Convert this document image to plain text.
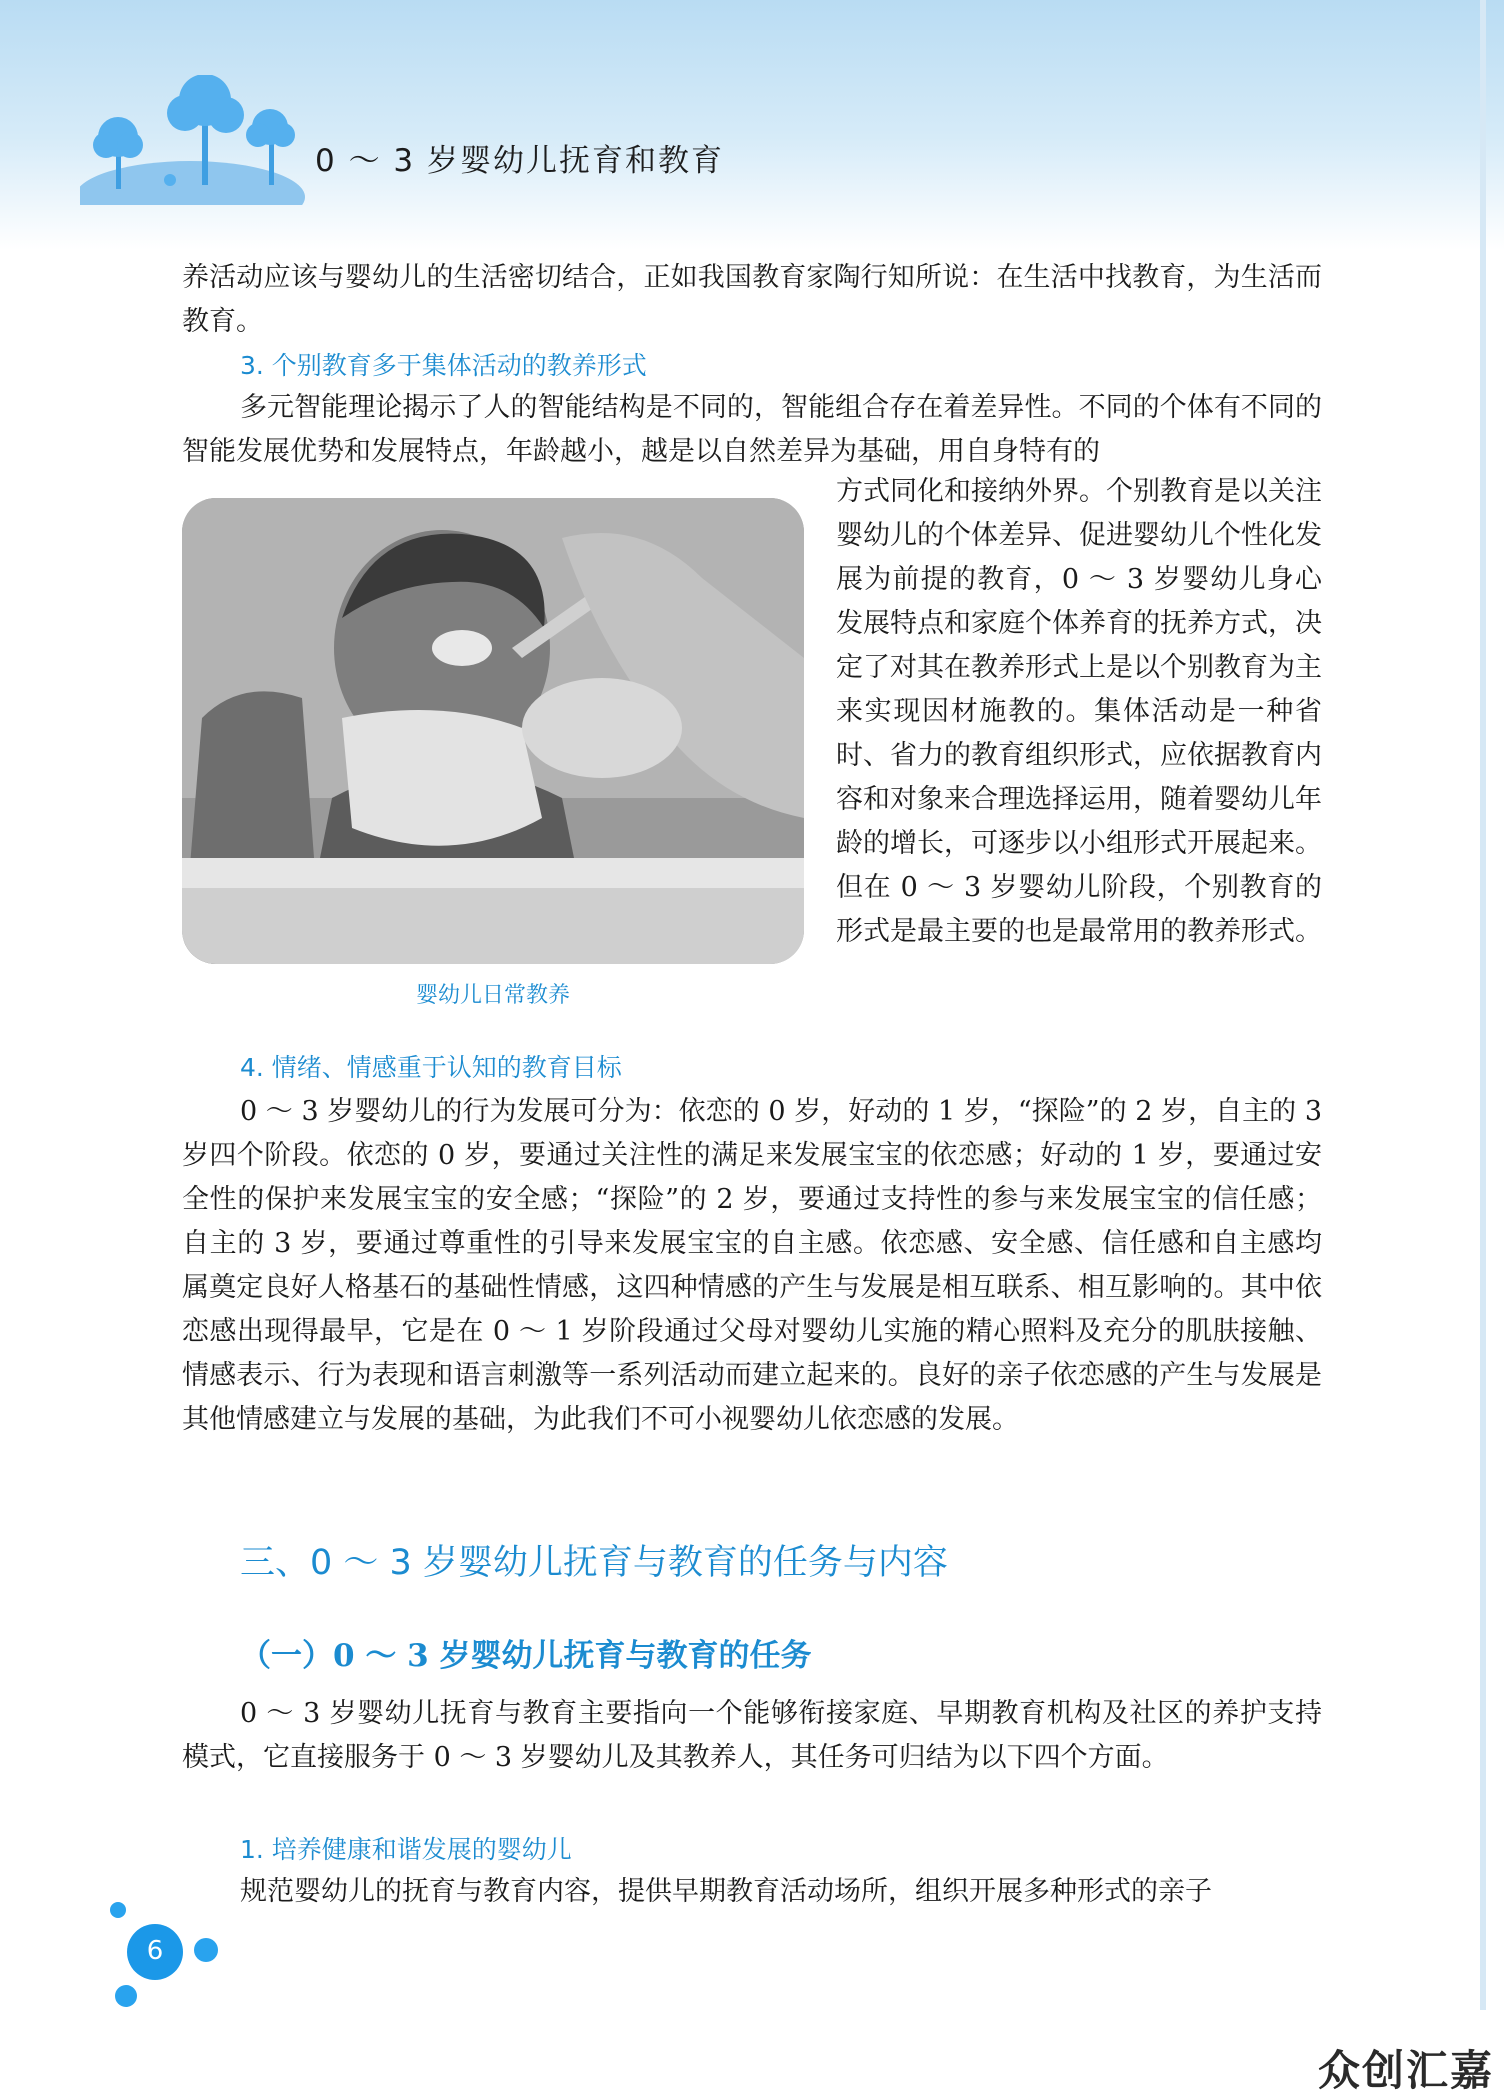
0 ～ 3 岁婴幼儿抚育和教育

养活动应该与婴幼儿的生活密切结合，正如我国教育家陶行知所说：在生活中找教育，为生活而教育。

3. 个别教育多于集体活动的教养形式

多元智能理论揭示了人的智能结构是不同的，智能组合存在着差异性。不同的个体有不同的智能发展优势和发展特点，年龄越小，越是以自然差异为基础，用自身特有的

婴幼儿日常教养
方式同化和接纳外界。个别教育是以关注婴幼儿的个体差异、促进婴幼儿个性化发展为前提的教育，0 ～ 3 岁婴幼儿身心发展特点和家庭个体养育的抚养方式，决定了对其在教养形式上是以个别教育为主来实现因材施教的。集体活动是一种省时、省力的教育组织形式，应依据教育内容和对象来合理选择运用，随着婴幼儿年龄的增长，可逐步以小组形式开展起来。但在 0 ～ 3 岁婴幼儿阶段，个别教育的形式是最主要的也是最常用的教养形式。
4. 情绪、情感重于认知的教育目标

0 ～ 3 岁婴幼儿的行为发展可分为：依恋的 0 岁，好动的 1 岁，“探险”的 2 岁，自主的 3 岁四个阶段。依恋的 0 岁，要通过关注性的满足来发展宝宝的依恋感；好动的 1 岁，要通过安全性的保护来发展宝宝的安全感；“探险”的 2 岁，要通过支持性的参与来发展宝宝的信任感；自主的 3 岁，要通过尊重性的引导来发展宝宝的自主感。依恋感、安全感、信任感和自主感均属奠定良好人格基石的基础性情感，这四种情感的产生与发展是相互联系、相互影响的。其中依恋感出现得最早，它是在 0 ～ 1 岁阶段通过父母对婴幼儿实施的精心照料及充分的肌肤接触、情感表示、行为表现和语言刺激等一系列活动而建立起来的。良好的亲子依恋感的产生与发展是其他情感建立与发展的基础，为此我们不可小视婴幼儿依恋感的发展。

三、0 ～ 3 岁婴幼儿抚育与教育的任务与内容
（一）0 ～ 3 岁婴幼儿抚育与教育的任务

0 ～ 3 岁婴幼儿抚育与教育主要指向一个能够衔接家庭、早期教育机构及社区的养护支持模式，它直接服务于 0 ～ 3 岁婴幼儿及其教养人，其任务可归结为以下四个方面。

1. 培养健康和谐发展的婴幼儿

规范婴幼儿的抚育与教育内容，提供早期教育活动场所，组织开展多种形式的亲子

6
众创汇嘉
